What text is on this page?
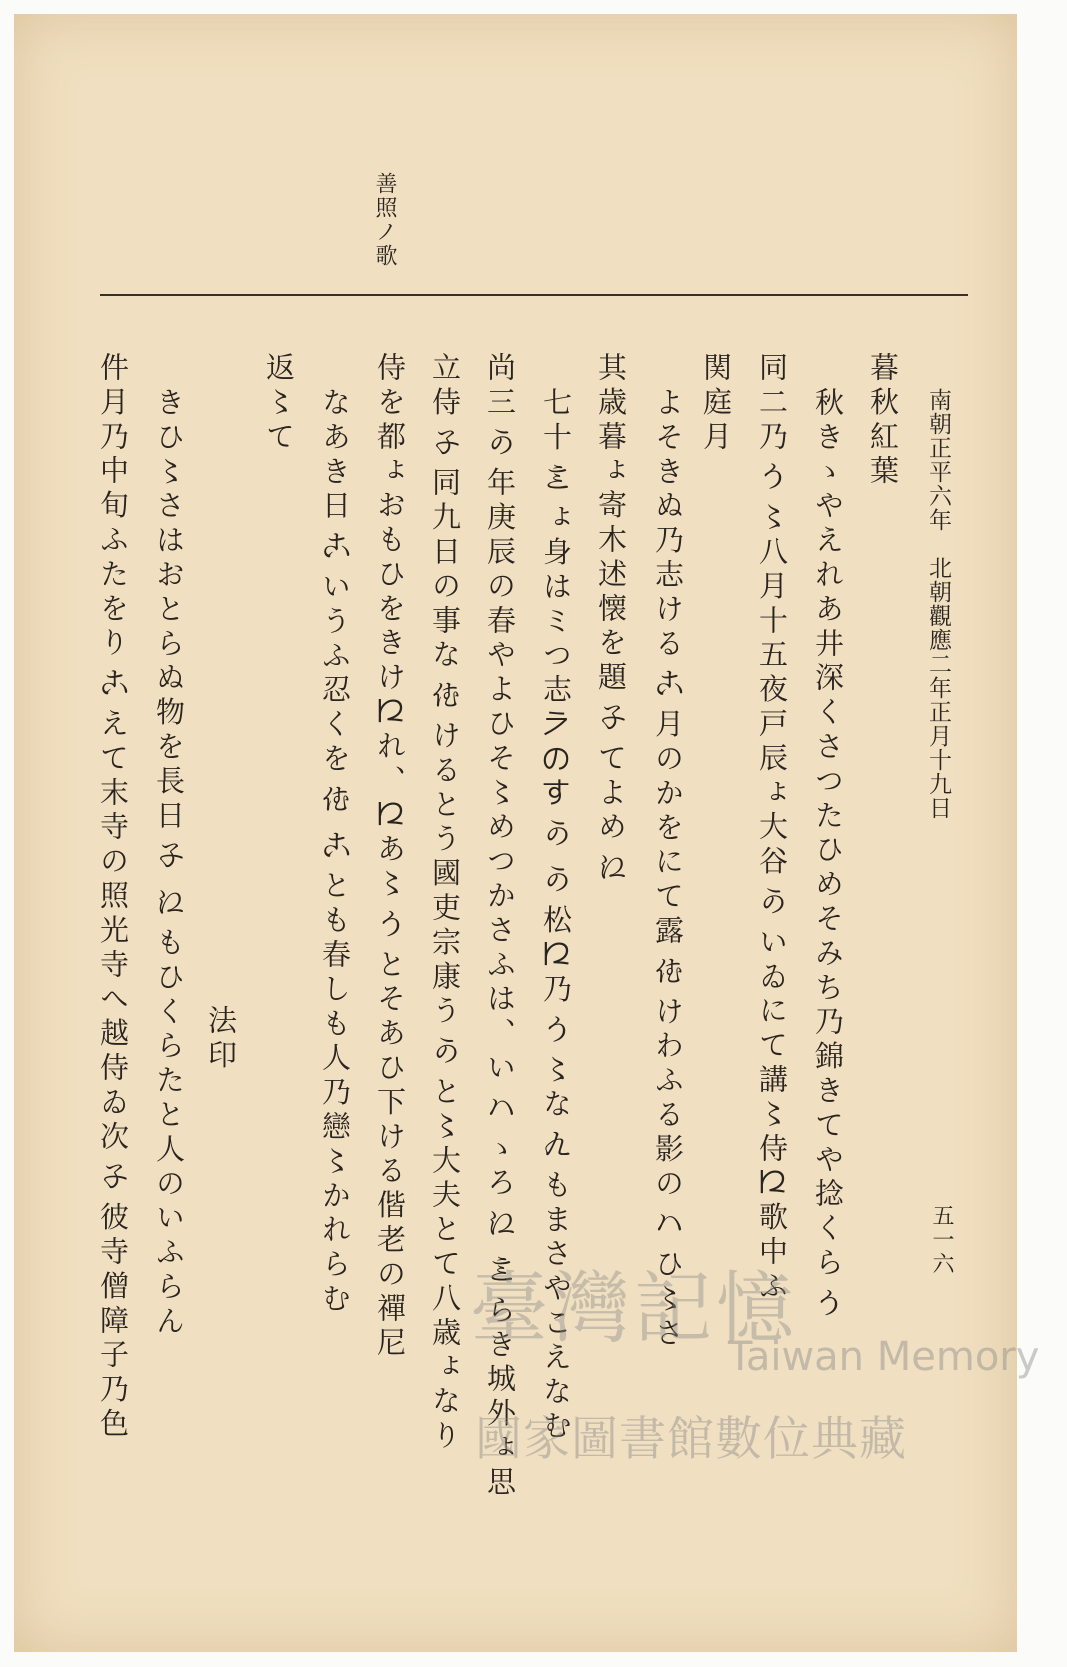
善照ノ歌
五一六
南朝正平六年　北朝觀應二年正月十九日
暮秋紅葉
秋きゝやえれあ井深くさつたひめそみち乃錦きてや捻くら𛀚
同二乃𛀚〻八月十五夜戸辰ょ大谷𛀙いゐにて講〻侍𛀁歌中ふ
関庭月
よそきぬ乃志ける𛀸月のかをにて露𛀗けわふる影の𛂞ひ〻さ
其歳暮ょ寄木述懐を題𛂘てよめ𛀁
七十𛀈ょ身はミつ志𛀀のす𛀙𛀙松𛀁乃𛀚〻な𛀭もまさやこえなむ
尚三𛀙年庚辰の春やよひそ〻めつかさふは、い𛂞ゝろ𛀁𛀈らき城外ょ思
立侍𛂘同九日の事な𛀗けるとう國吏宗康う𛀙と〻大夫とて八歳ょなり
侍を都ょおもひをきけ𛀁れ、𛀁あ〻𛀚とそあひ下ける偕老の禪尼
なあき日𛀸いうふ忍くを𛀗𛀸とも春しも人乃戀〻かれらむ
返〻て
法印
きひ〻さはおとらぬ物を長日𛂘𛀁もひくらたと人のいふらん
件月乃中旬ふたをり𛀸えて末寺の照光寺へ越侍ゐ次𛂘彼寺僧障子乃色	臺灣記憶
Taiwan Memory
國家圖書館數位典藏
